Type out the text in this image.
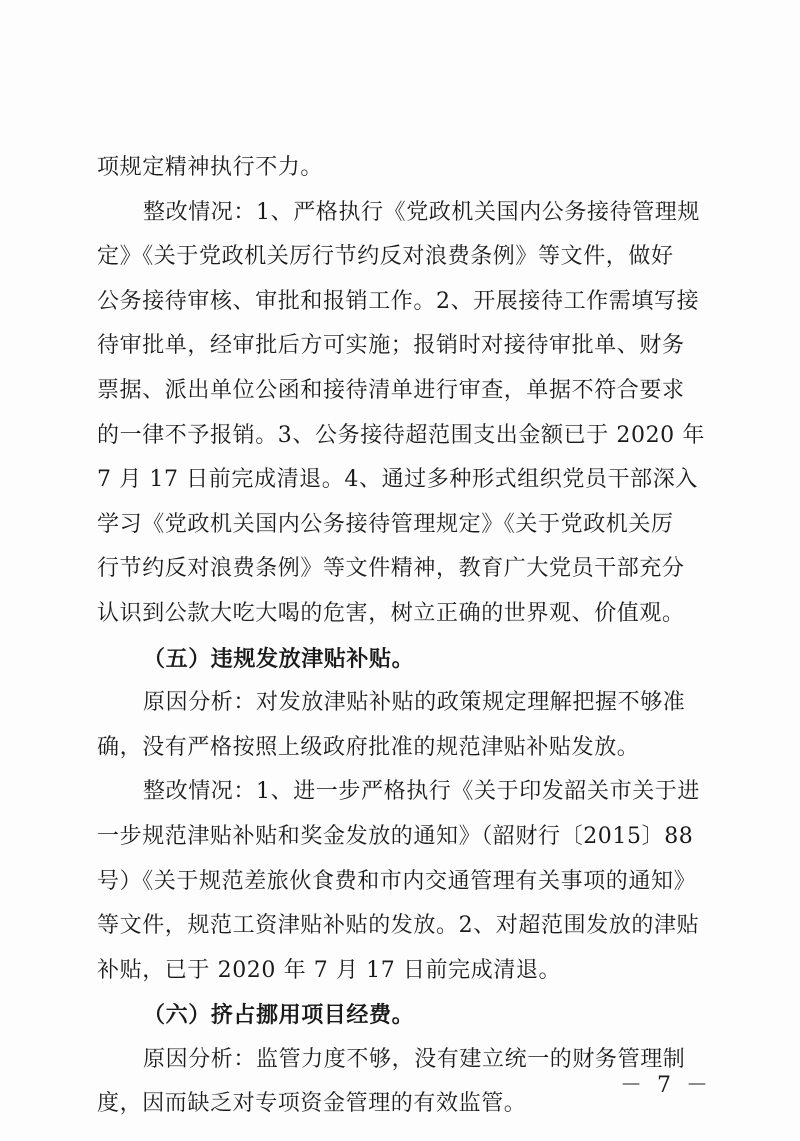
项规定精神执行不力。
整改情况：1、严格执行《党政机关国内公务接待管理规
定》《关于党政机关厉行节约反对浪费条例》等文件，做好
公务接待审核、审批和报销工作。2、开展接待工作需填写接
待审批单，经审批后方可实施；报销时对接待审批单、财务
票据、派出单位公函和接待清单进行审查，单据不符合要求
的一律不予报销。3、公务接待超范围支出金额已于 2020 年
7 月 17 日前完成清退。4、通过多种形式组织党员干部深入
学习《党政机关国内公务接待管理规定》《关于党政机关厉
行节约反对浪费条例》等文件精神，教育广大党员干部充分
认识到公款大吃大喝的危害，树立正确的世界观、价值观。
（五）违规发放津贴补贴。
原因分析：对发放津贴补贴的政策规定理解把握不够准
确，没有严格按照上级政府批准的规范津贴补贴发放。
整改情况：1、进一步严格执行《关于印发韶关市关于进
一步规范津贴补贴和奖金发放的通知》（韶财行〔2015〕88
号）《关于规范差旅伙食费和市内交通管理有关事项的通知》
等文件，规范工资津贴补贴的发放。2、对超范围发放的津贴
补贴，已于 2020 年 7 月 17 日前完成清退。
（六）挤占挪用项目经费。
原因分析：监管力度不够，没有建立统一的财务管理制
度，因而缺乏对专项资金管理的有效监管。
－ 7 －
